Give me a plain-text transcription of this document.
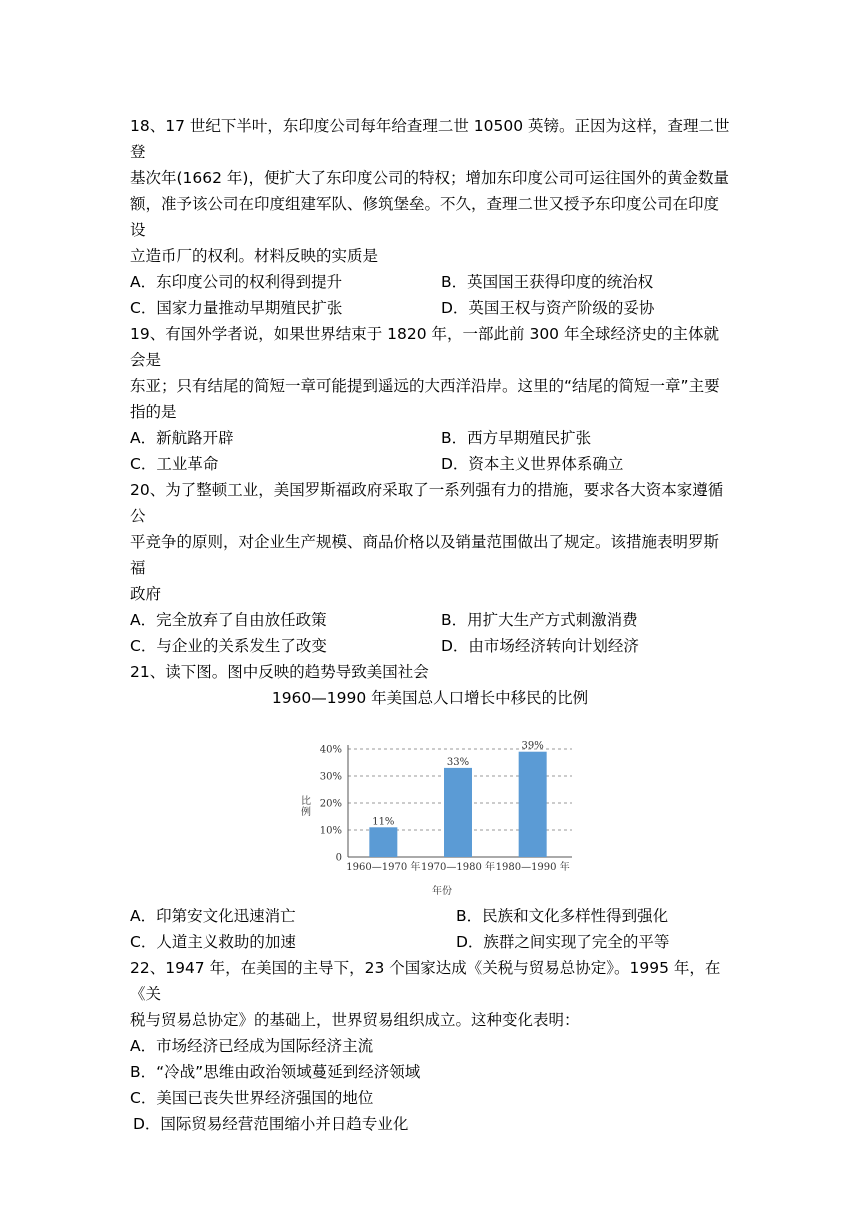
18、17 世纪下半叶，东印度公司每年给查理二世 10500 英镑。正因为这样，查理二世登

基次年(1662 年)，便扩大了东印度公司的特权；增加东印度公司可运往国外的黄金数量

额，准予该公司在印度组建军队、修筑堡垒。不久，查理二世又授予东印度公司在印度设

立造币厂的权利。材料反映的实质是

A．东印度公司的权利得到提升	B．英国国王获得印度的统治权
C．国家力量推动早期殖民扩张	D．英国王权与资产阶级的妥协

19、有国外学者说，如果世界结束于 1820 年，一部此前 300 年全球经济史的主体就会是

东亚；只有结尾的简短一章可能提到遥远的大西洋沿岸。这里的“结尾的简短一章”主要

指的是

A．新航路开辟	B．西方早期殖民扩张
C．工业革命	D．资本主义世界体系确立

20、为了整顿工业，美国罗斯福政府采取了一系列强有力的措施，要求各大资本家遵循公

平竞争的原则，对企业生产规模、商品价格以及销量范围做出了规定。该措施表明罗斯福

政府

A．完全放弃了自由放任政策	B．用扩大生产方式刺激消费
C．与企业的关系发生了改变	D．由市场经济转向计划经济

21、读下图。图中反映的趋势导致美国社会

1960—1990 年美国总人口增长中移民的比例
比例
年份
0
10%
20%
30%
40%
11%
1960—1970 年
33%
1970—1980 年
39%
1980—1990 年
A．印第安文化迅速消亡	B．民族和文化多样性得到强化
C．人道主义救助的加速	D．族群之间实现了完全的平等

22、1947 年，在美国的主导下，23 个国家达成《关税与贸易总协定》。1995 年，在《关

税与贸易总协定》的基础上，世界贸易组织成立。这种变化表明：

A．市场经济已经成为国际经济主流

B．“冷战”思维由政治领域蔓延到经济领域

C．美国已丧失世界经济强国的地位

D．国际贸易经营范围缩小并日趋专业化
